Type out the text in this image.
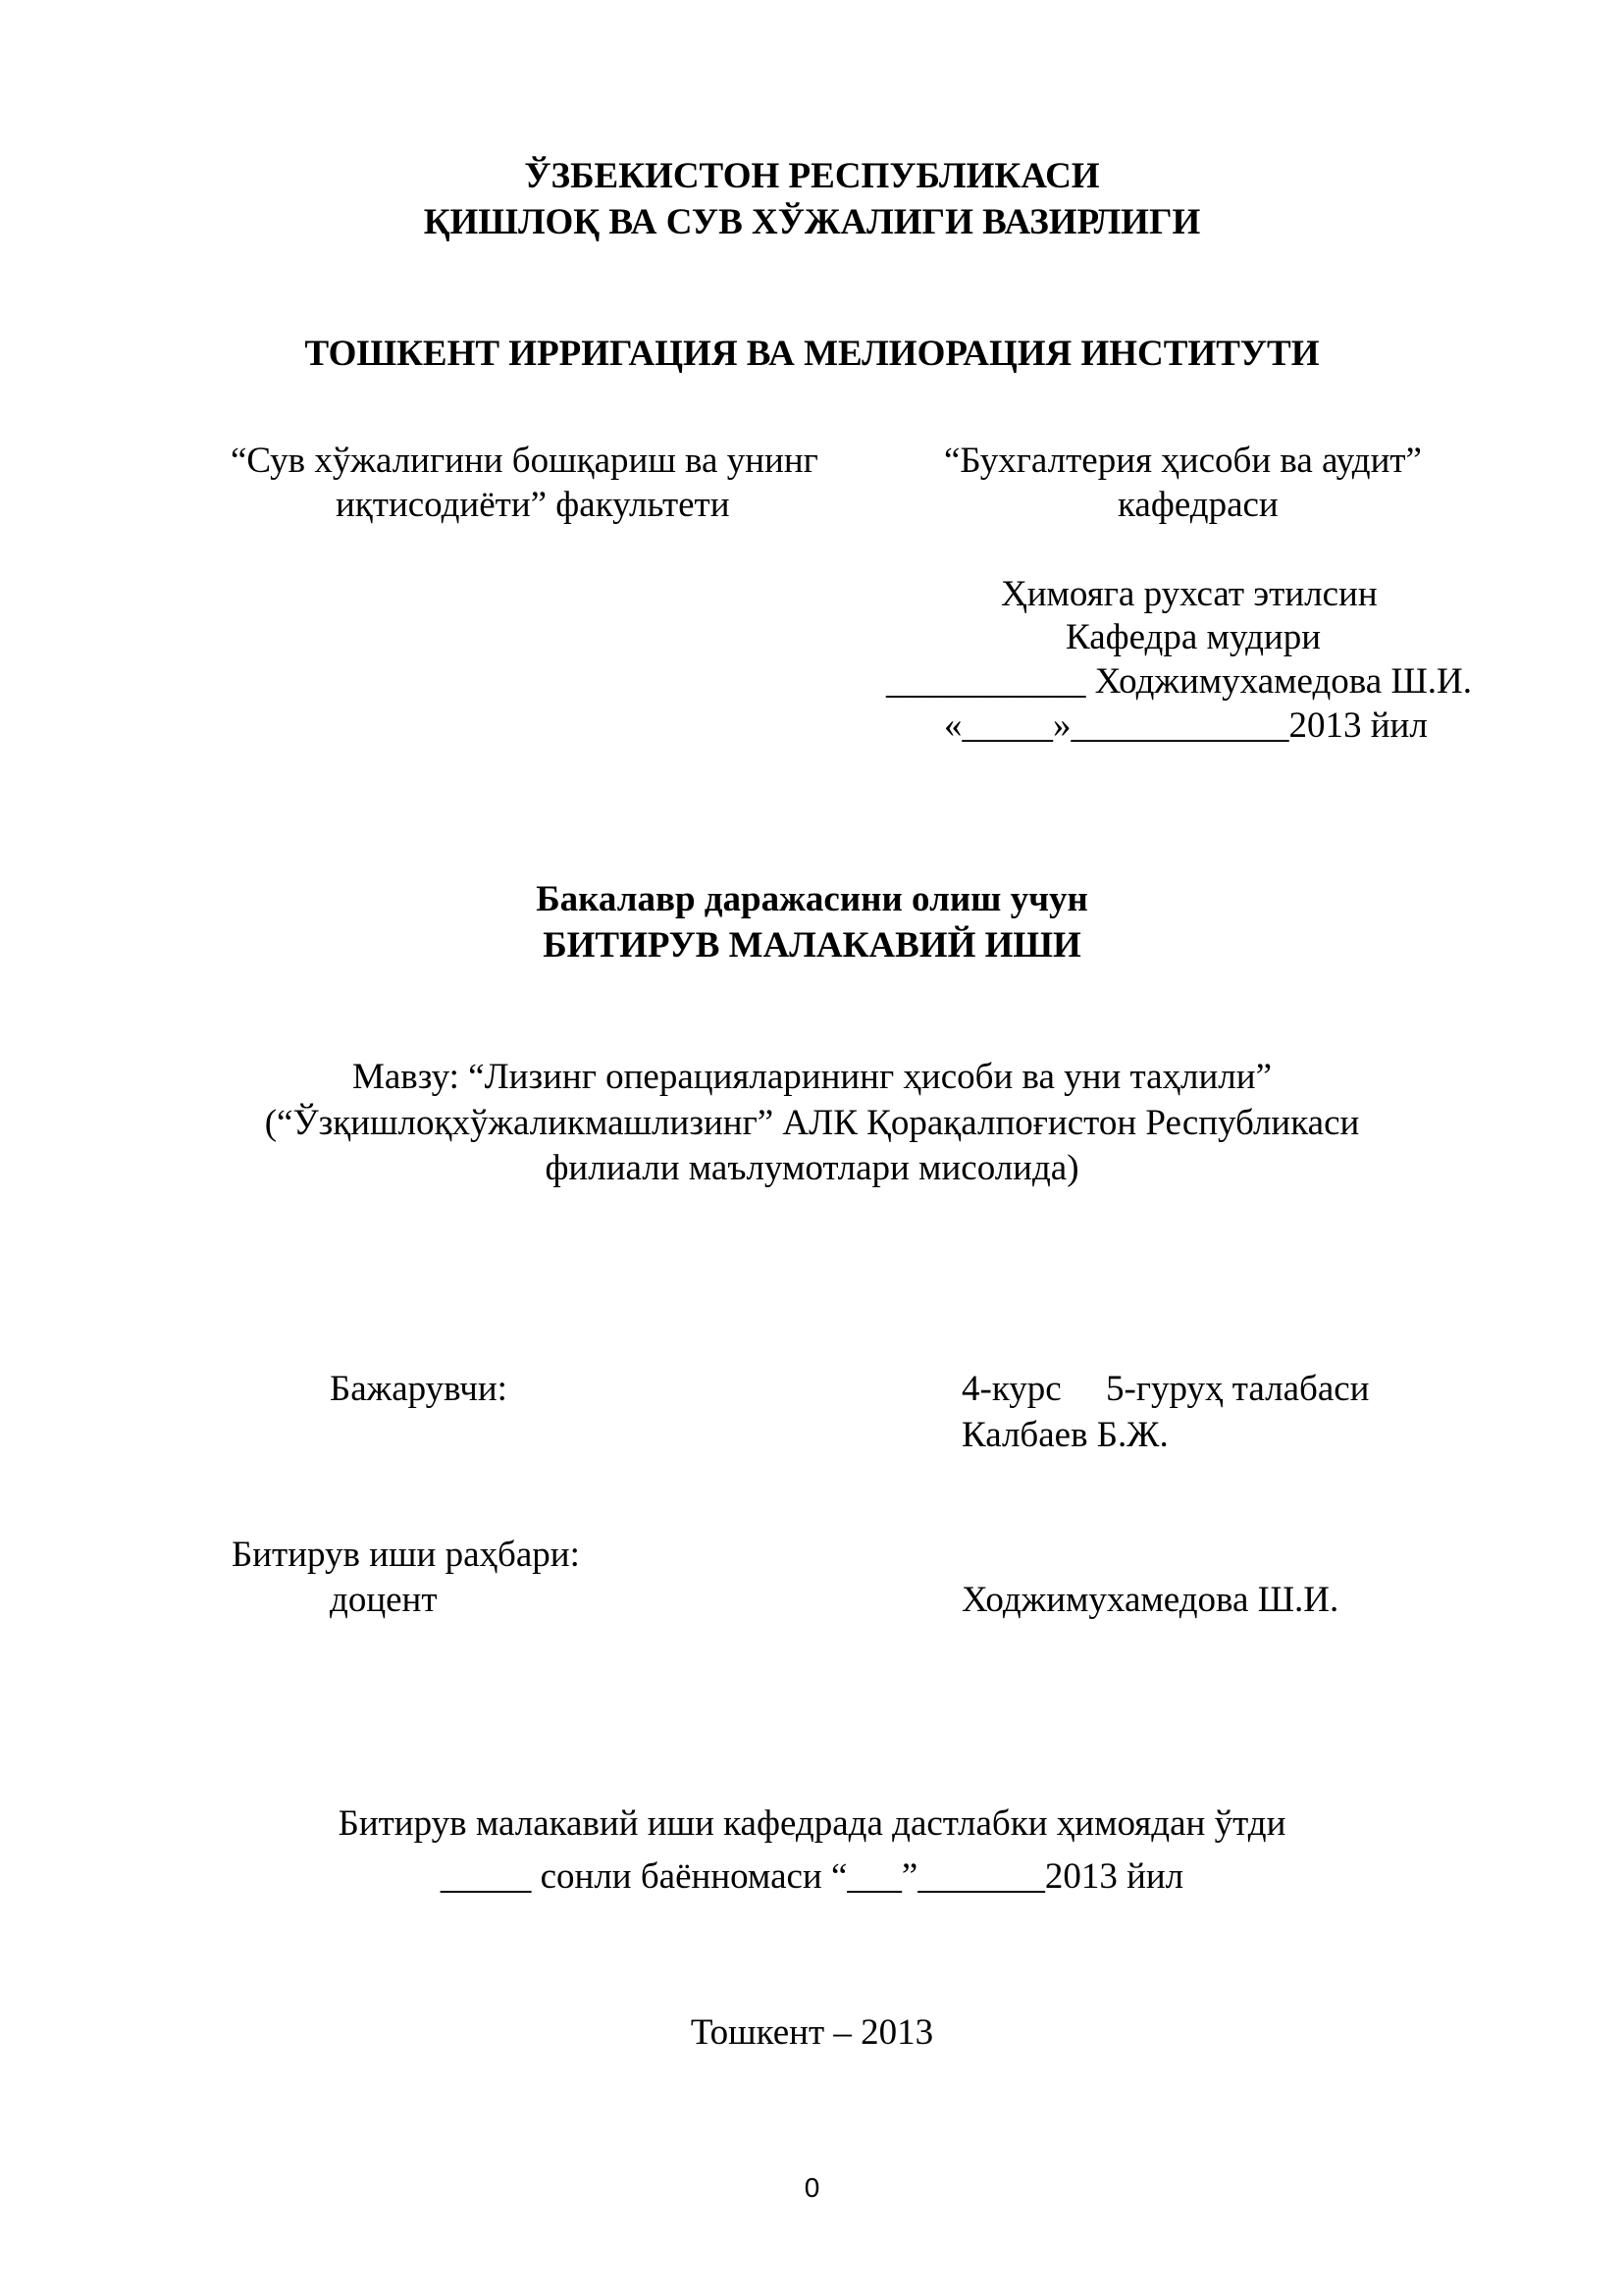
ЎЗБЕКИСТОН РЕСПУБЛИКАСИ
ҚИШЛОҚ ВА СУВ ХЎЖАЛИГИ ВАЗИРЛИГИ
ТОШКЕНТ ИРРИГАЦИЯ ВА МЕЛИОРАЦИЯ ИНСТИТУТИ
“Сув хўжалигини бошқариш ва унинг
иқтисодиёти” факультети
“Бухгалтерия ҳисоби ва аудит”
кафедраси
Ҳимояга рухсат этилсин
Кафедра мудири
___________ Ходжимухамедова Ш.И.
«_____»____________2013 йил
Бакалавр даражасини олиш учун
БИТИРУВ МАЛАКАВИЙ ИШИ
Мавзу: “Лизинг операцияларининг ҳисоби ва уни таҳлили”
(“Ўзқишлоқхўжаликмашлизинг” АЛК Қорақалпоғистон Республикаси
филиали маълумотлари мисолида)
Бажарувчи:	4-курс 5-гуруҳ талабаси
Калбаев Б.Ж.
Битирув иши раҳбари:
доцент	Ходжимухамедова Ш.И.
Битирув малакавий иши кафедрада дастлабки ҳимоядан ўтди
_____ сонли баённомаси “___”_______2013 йил
Тошкент – 2013
0
